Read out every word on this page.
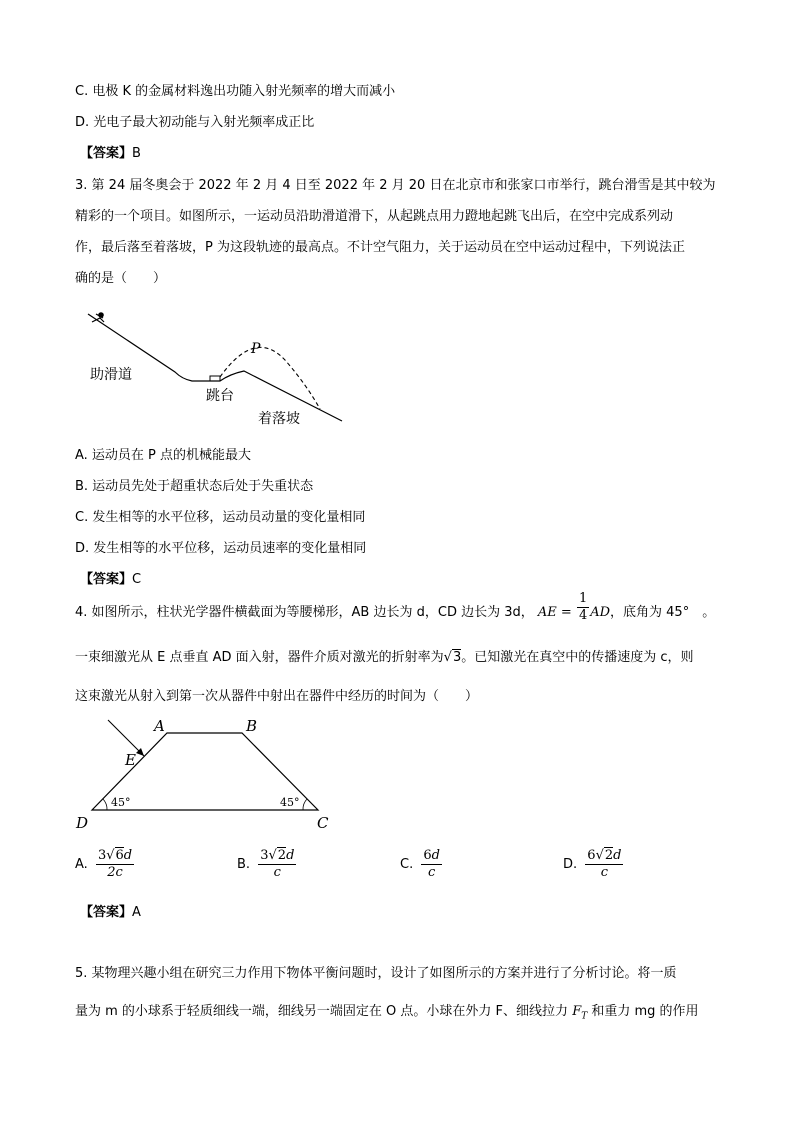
C. 电极 K 的金属材料逸出功随入射光频率的增大而减小
D. 光电子最大初动能与入射光频率成正比
【答案】B
3. 第 24 届冬奥会于 2022 年 2 月 4 日至 2022 年 2 月 20 日在北京市和张家口市举行，跳台滑雪是其中较为
精彩的一个项目。如图所示，一运动员沿助滑道滑下，从起跳点用力蹬地起跳飞出后，在空中完成系列动
作，最后落至着落坡，P 为这段轨迹的最高点。不计空气阻力，关于运动员在空中运动过程中，下列说法正
确的是（　　）
P
助滑道
跳台
着落坡
A. 运动员在 P 点的机械能最大
B. 运动员先处于超重状态后处于失重状态
C. 发生相等的水平位移，运动员动量的变化量相同
D. 发生相等的水平位移，运动员速率的变化量相同
【答案】C
4. 如图所示，柱状光学器件横截面为等腰梯形，AB 边长为 d，CD 边长为 3d， AE = $\frac{1}{4}$ AD，底角为 45°　。
一束细激光从 E 点垂直 AD 面入射，器件介质对激光的折射率为√3。已知激光在真空中的传播速度为 c，则
这束激光从射入到第一次从器件中射出在器件中经历的时间为（　　）
A	B
E
D	C
45°	45°
A. $\frac{3√6d}{2c}$	B. $\frac{3√2d}{c}$	C. $\frac{6d}{c}$	D. $\frac{6√2d}{c}$
【答案】A
5. 某物理兴趣小组在研究三力作用下物体平衡问题时，设计了如图所示的方案并进行了分析讨论。将一质
量为 m 的小球系于轻质细线一端，细线另一端固定在 O 点。小球在外力 F、细线拉力 $F_T$ 和重力 mg 的作用
